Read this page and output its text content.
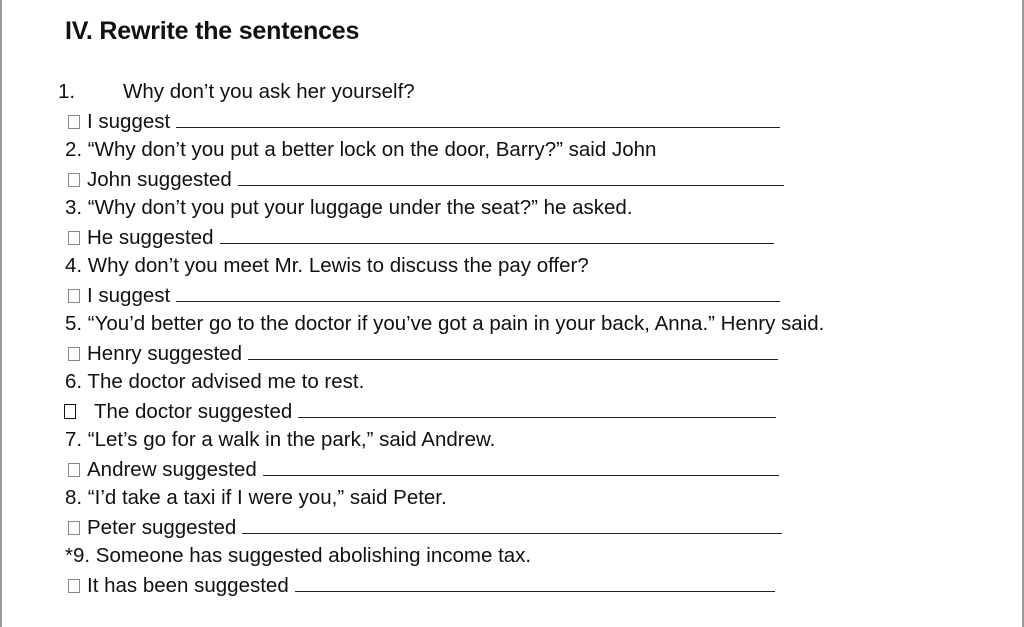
IV. Rewrite the sentences
1. Why don’t you ask her yourself?
I suggest
2. “Why don’t you put a better lock on the door, Barry?” said John
John suggested
3. “Why don’t you put your luggage under the seat?” he asked.
He suggested
4. Why don’t you meet Mr. Lewis to discuss the pay offer?
I suggest
5. “You’d better go to the doctor if you’ve got a pain in your back, Anna.” Henry said.
Henry suggested
6. The doctor advised me to rest.
The doctor suggested
7. “Let’s go for a walk in the park,” said Andrew.
Andrew suggested
8. “I’d take a taxi if I were you,” said Peter.
Peter suggested
*9. Someone has suggested abolishing income tax.
It has been suggested
